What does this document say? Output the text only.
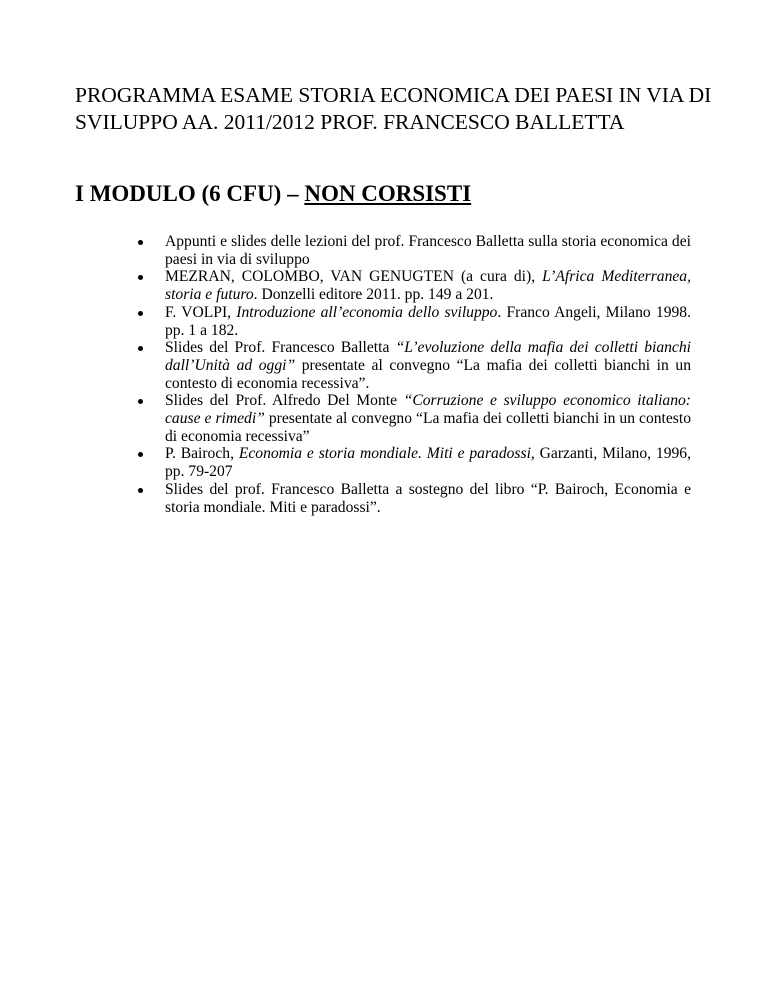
PROGRAMMA ESAME STORIA ECONOMICA DEI PAESI IN VIA DI SVILUPPO AA. 2011/2012 PROF. FRANCESCO BALLETTA
I MODULO (6 CFU) – NON CORSISTI
Appunti e slides delle lezioni del prof. Francesco Balletta sulla storia economica dei paesi in via di sviluppo
MEZRAN, COLOMBO, VAN GENUGTEN (a cura di), L’Africa Mediterranea, storia e futuro. Donzelli editore 2011. pp. 149 a 201.
F. VOLPI, Introduzione all’economia dello sviluppo. Franco Angeli, Milano 1998. pp. 1 a 182.
Slides del Prof. Francesco Balletta “L’evoluzione della mafia dei colletti bianchi dall’Unità ad oggi” presentate al convegno “La mafia dei colletti bianchi in un contesto di economia recessiva”.
Slides del Prof. Alfredo Del Monte “Corruzione e sviluppo economico italiano: cause e rimedi” presentate al convegno “La mafia dei colletti bianchi in un contesto di economia recessiva”
P. Bairoch, Economia e storia mondiale. Miti e paradossi, Garzanti, Milano, 1996, pp. 79-207
Slides del prof. Francesco Balletta a sostegno del libro “P. Bairoch, Economia e storia mondiale. Miti e paradossi”.
